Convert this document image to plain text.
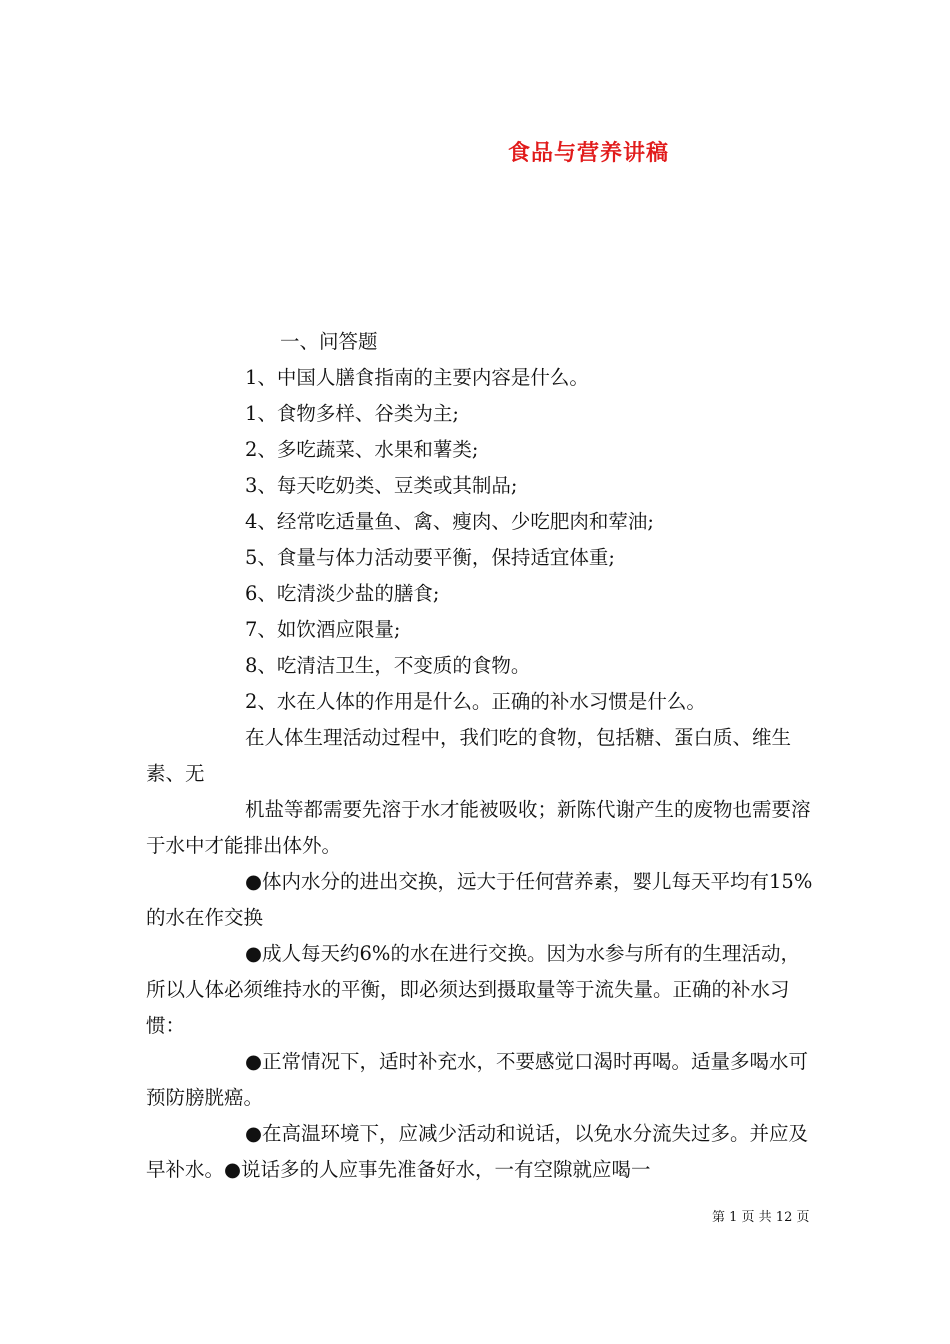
食品与营养讲稿

一、问答题

1、中国人膳食指南的主要内容是什么。

1、食物多样、谷类为主;

2、多吃蔬菜、水果和薯类;

3、每天吃奶类、豆类或其制品;

4、经常吃适量鱼、禽、瘦肉、少吃肥肉和荤油;

5、食量与体力活动要平衡，保持适宜体重;

6、吃清淡少盐的膳食;

7、如饮酒应限量;

8、吃清洁卫生，不变质的食物。

2、水在人体的作用是什么。正确的补水习惯是什么。

在人体生理活动过程中，我们吃的食物，包括糖、蛋白质、维生素、无

机盐等都需要先溶于水才能被吸收；新陈代谢产生的废物也需要溶于水中才能排出体外。

●体内水分的进出交换，远大于任何营养素，婴儿每天平均有15%的水在作交换

●成人每天约6%的水在进行交换。因为水参与所有的生理活动，所以人体必须维持水的平衡，即必须达到摄取量等于流失量。正确的补水习惯：

●正常情况下，适时补充水，不要感觉口渴时再喝。适量多喝水可预防膀胱癌。

●在高温环境下，应减少活动和说话，以免水分流失过多。并应及早补水。●说话多的人应事先准备好水，一有空隙就应喝一

第 1 页 共 12 页
